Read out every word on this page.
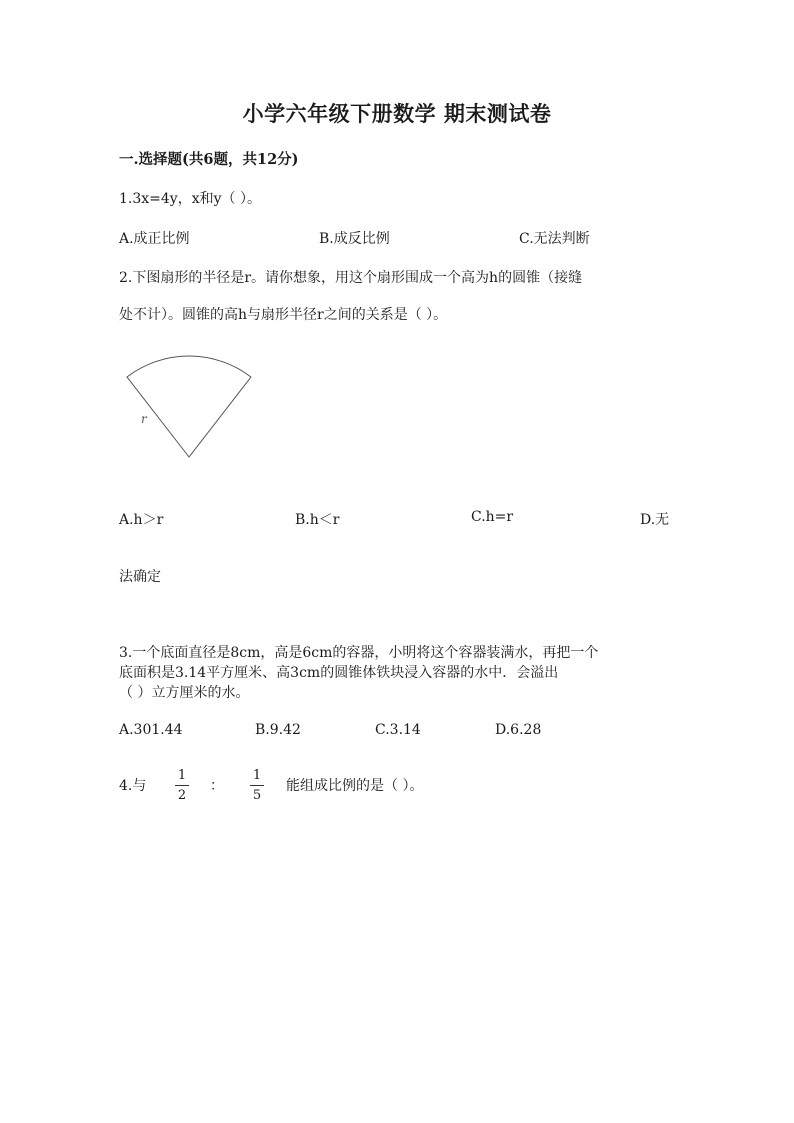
小学六年级下册数学 期末测试卷
一.选择题(共6题，共12分)
1.3x=4y，x和y（ ）。
A.成正比例	B.成反比例	C.无法判断
2.下图扇形的半径是r。请你想象，用这个扇形围成一个高为h的圆锥（接缝
处不计）。圆锥的高h与扇形半径r之间的关系是（ ）。
r
A.h＞r	B.h＜r	C.h=r	D.无
法确定
3.一个底面直径是8cm，高是6cm的容器，小明将这个容器装满水，再把一个
底面积是3.14平方厘米、高3cm的圆锥体铁块浸入容器的水中．会溢出
（ ）立方厘米的水。
A.301.44	B.9.42	C.3.14	D.6.28
4.与
1
2
：
1
5
能组成比例的是（ ）。
